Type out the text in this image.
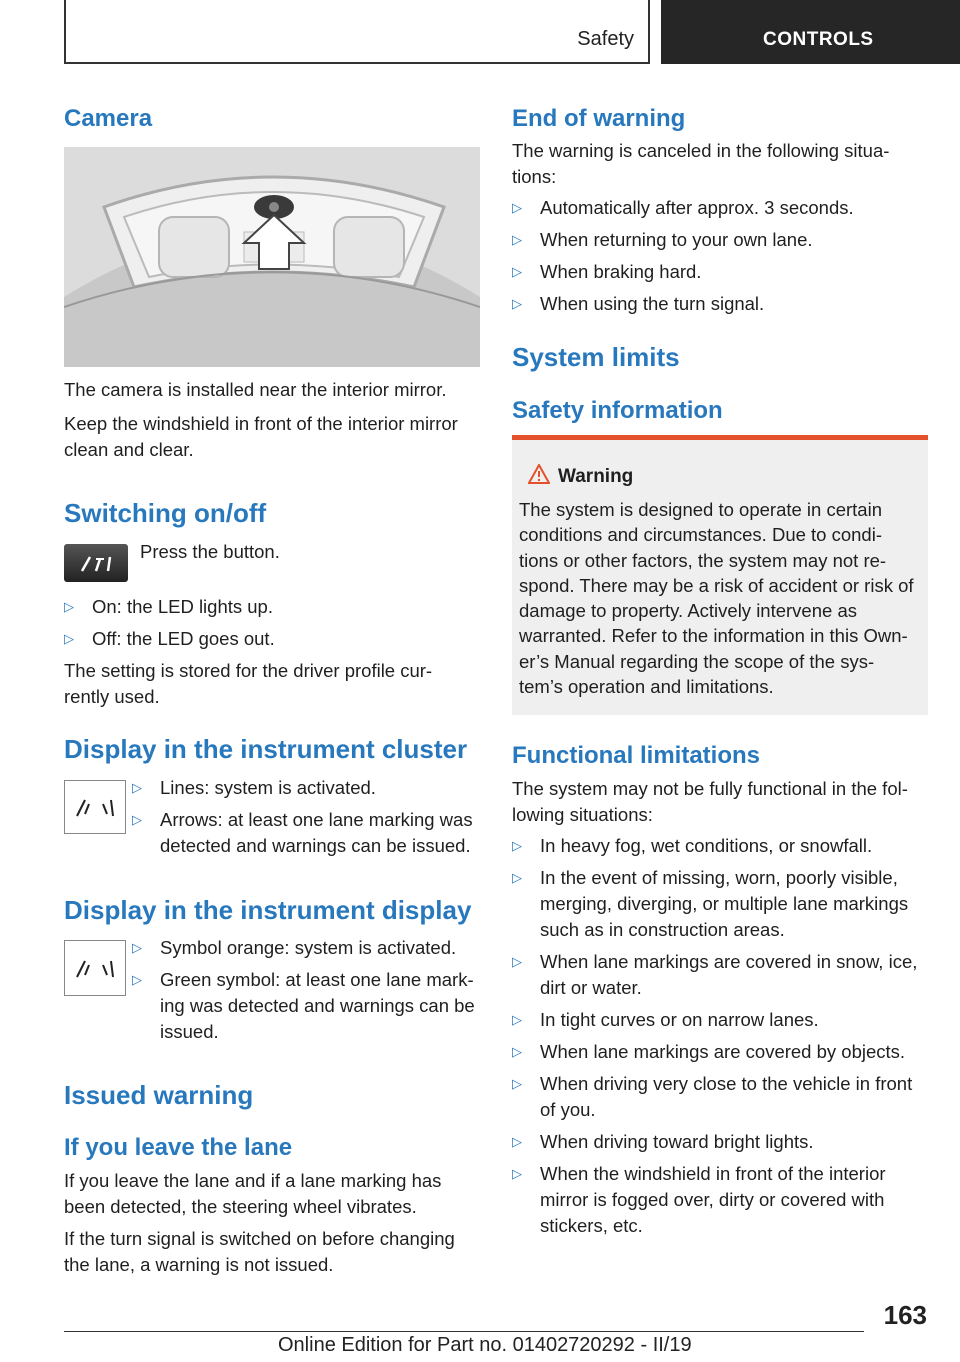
Safety	CONTROLS
Camera

The camera is installed near the interior mirror.

Keep the windshield in front of the interior mirror clean and clear.

Switching on/off

Press the button.

▷ On: the LED lights up.
▷ Off: the LED goes out.

The setting is stored for the driver profile cur‐ rently used.

Display in the instrument cluster
▷ Lines: system is activated.
▷ Arrows: at least one lane marking was detected and warnings can be issued.
Display in the instrument display
▷ Symbol orange: system is activated.
▷ Green symbol: at least one lane mark‐ ing was detected and warnings can be issued.
Issued warning
If you leave the lane

If you leave the lane and if a lane marking has been detected, the steering wheel vibrates.

If the turn signal is switched on before changing the lane, a warning is not issued.

End of warning

The warning is canceled in the following situa‐ tions:

▷ Automatically after approx. 3 seconds.
▷ When returning to your own lane.
▷ When braking hard.
▷ When using the turn signal.
System limits
Safety information
Warning

The system is designed to operate in certain conditions and circumstances. Due to condi‐ tions or other factors, the system may not re‐ spond. There may be a risk of accident or risk of damage to property. Actively intervene as warranted. Refer to the information in this Own‐ er’s Manual regarding the scope of the sys‐ tem’s operation and limitations.

Functional limitations

The system may not be fully functional in the fol‐ lowing situations:

▷ In heavy fog, wet conditions, or snowfall.
▷ In the event of missing, worn, poorly visible, merging, diverging, or multiple lane markings such as in construction areas.
▷ When lane markings are covered in snow, ice, dirt or water.
▷ In tight curves or on narrow lanes.
▷ When lane markings are covered by objects.
▷ When driving very close to the vehicle in front of you.
▷ When driving toward bright lights.
▷ When the windshield in front of the interior mirror is fogged over, dirty or covered with stickers, etc.
163
Online Edition for Part no. 01402720292 - II/19
